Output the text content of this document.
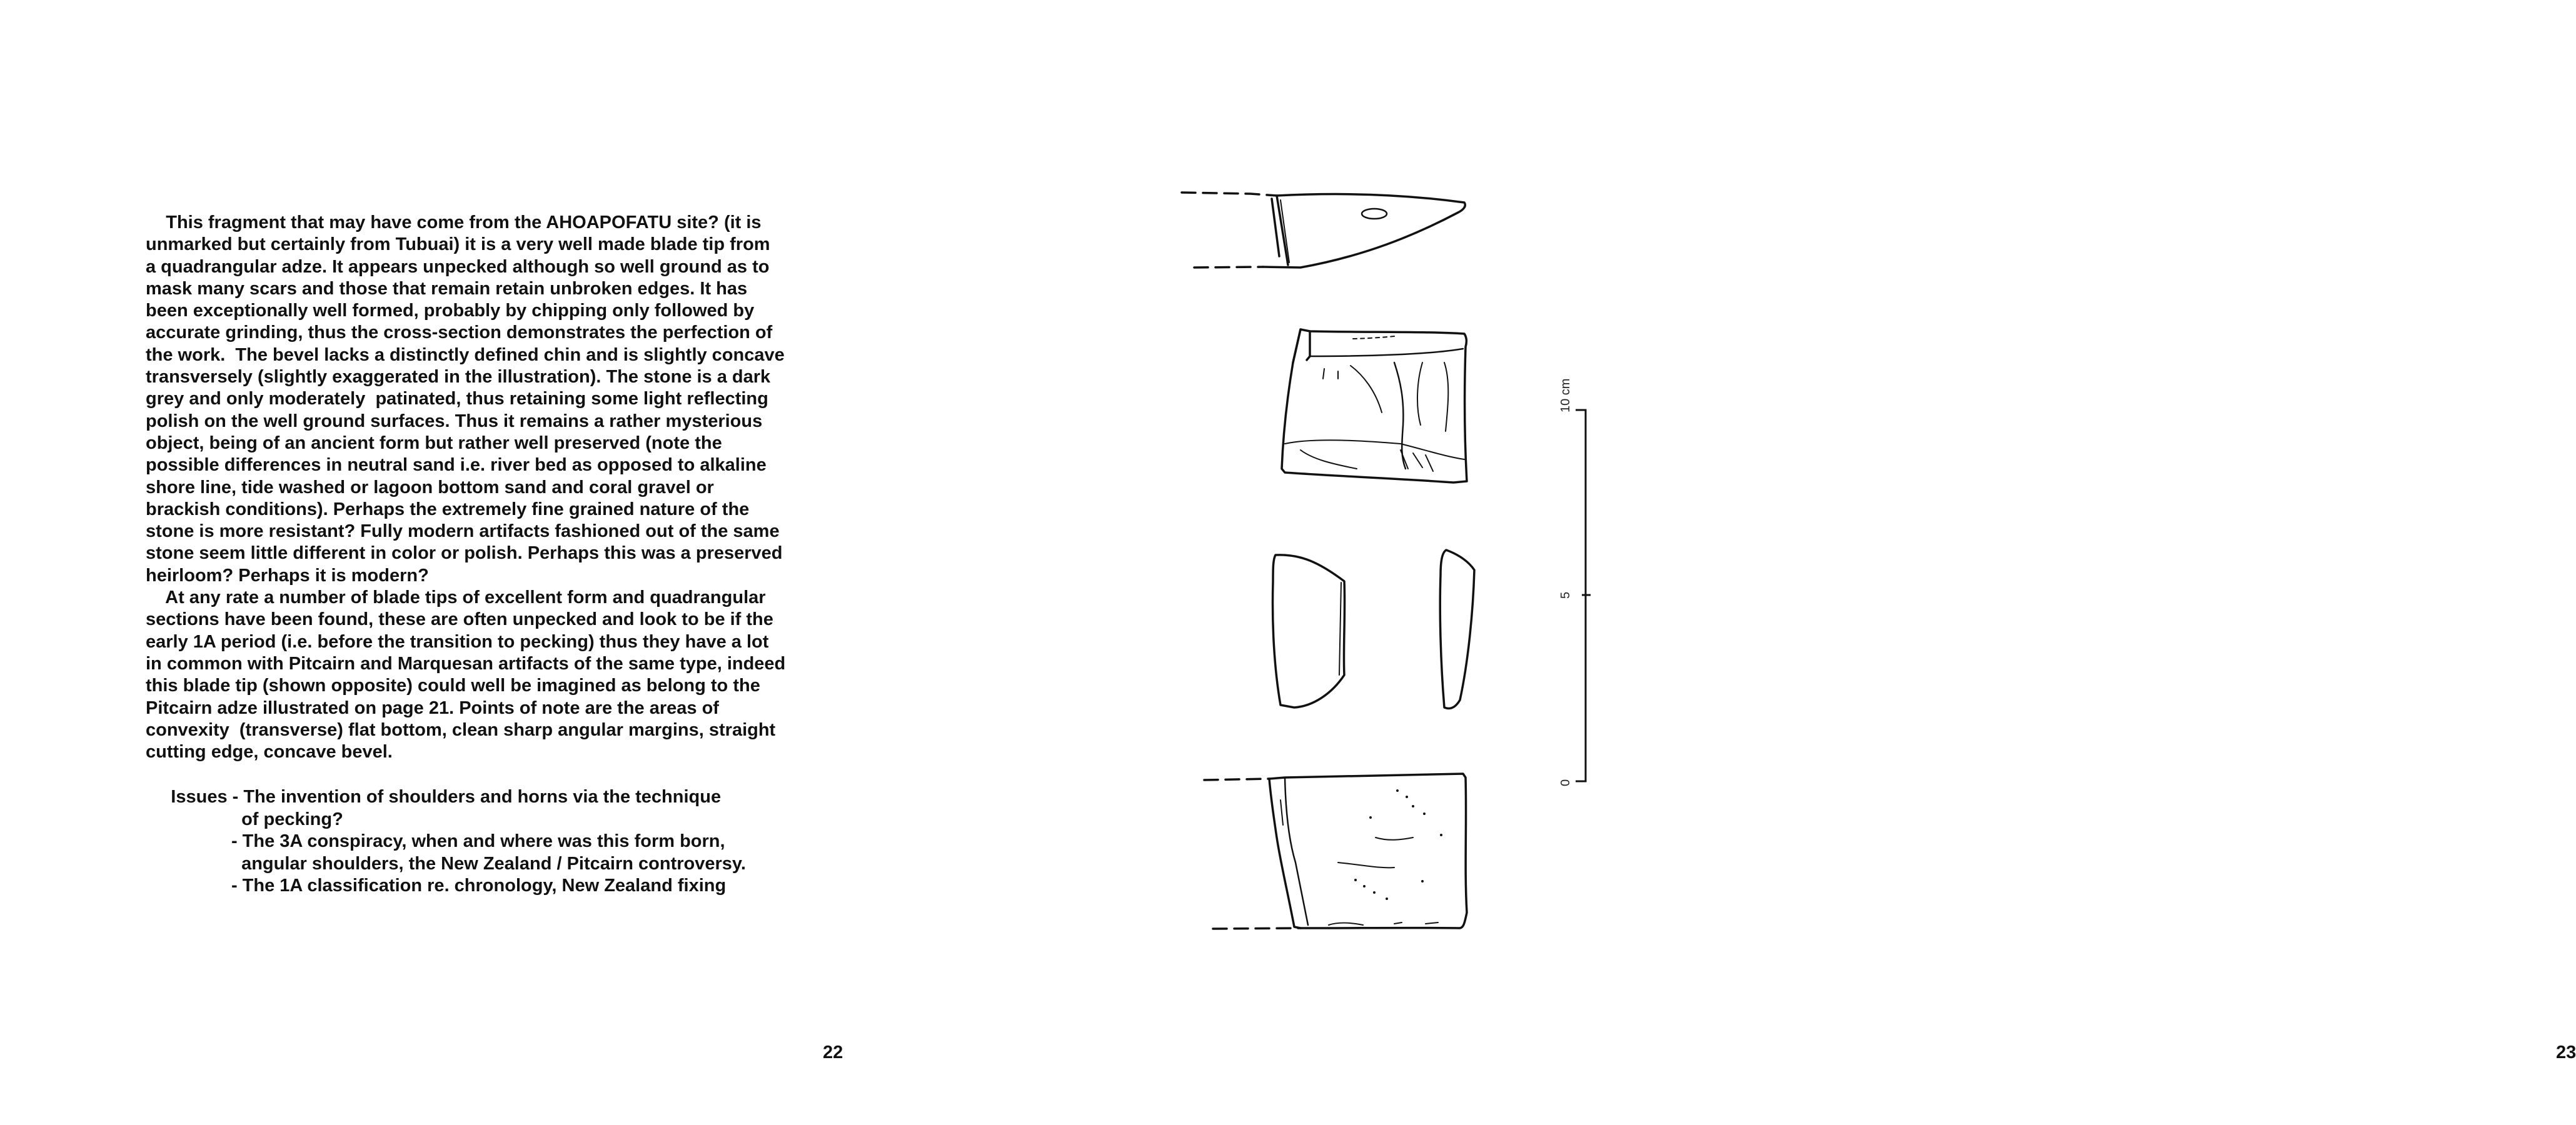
This fragment that may have come from the AHOAPOFATU site? (it is
unmarked but certainly from Tubuai) it is a very well made blade tip from
a quadrangular adze. It appears unpecked although so well ground as to
mask many scars and those that remain retain unbroken edges. It has
been exceptionally well formed, probably by chipping only followed by
accurate grinding, thus the cross-section demonstrates the perfection of
the work.  The bevel lacks a distinctly defined chin and is slightly concave
transversely (slightly exaggerated in the illustration). The stone is a dark
grey and only moderately  patinated, thus retaining some light reflecting
polish on the well ground surfaces. Thus it remains a rather mysterious
object, being of an ancient form but rather well preserved (note the
possible differences in neutral sand i.e. river bed as opposed to alkaline
shore line, tide washed or lagoon bottom sand and coral gravel or
brackish conditions). Perhaps the extremely fine grained nature of the
stone is more resistant? Fully modern artifacts fashioned out of the same
stone seem little different in color or polish. Perhaps this was a preserved
heirloom? Perhaps it is modern?
At any rate a number of blade tips of excellent form and quadrangular
sections have been found, these are often unpecked and look to be if the
early 1A period (i.e. before the transition to pecking) thus they have a lot
in common with Pitcairn and Marquesan artifacts of the same type, indeed
this blade tip (shown opposite) could well be imagined as belong to the
Pitcairn adze illustrated on page 21. Points of note are the areas of
convexity  (transverse) flat bottom, clean sharp angular margins, straight
cutting edge, concave bevel.
Issues - The invention of shoulders and horns via the technique
of pecking?
- The 3A conspiracy, when and where was this form born,
angular shoulders, the New Zealand / Pitcairn controversy.
- The 1A classification re. chronology, New Zealand fixing
22	23
10 cm
5
0
